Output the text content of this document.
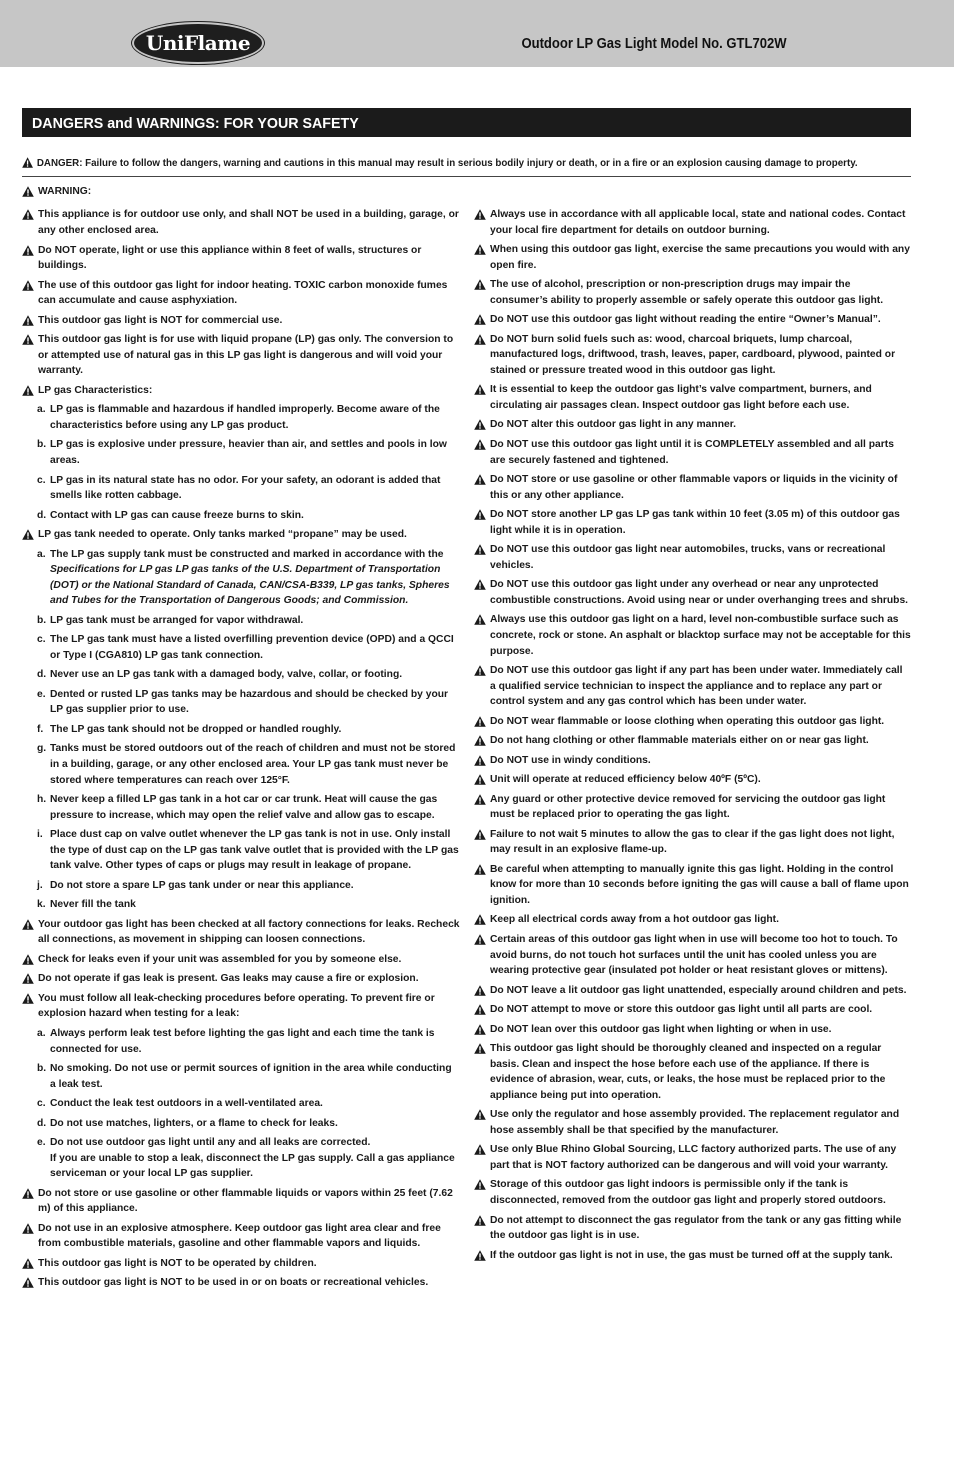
UniFlame	Outdoor LP Gas Light Model No. GTL702W
DANGERS and WARNINGS: FOR YOUR SAFETY
DANGER: Failure to follow the dangers, warning and cautions in this manual may result in serious bodily injury or death, or in a fire or an explosion causing damage to property.
WARNING:
This appliance is for outdoor use only, and shall NOT be used in a building, garage, or any other enclosed area.
Do NOT operate, light or use this appliance within 8 feet of walls, structures or buildings.
The use of this outdoor gas light for indoor heating. TOXIC carbon monoxide fumes can accumulate and cause asphyxiation.
This outdoor gas light is NOT for commercial use.
This outdoor gas light is for use with liquid propane (LP) gas only. The conversion to or attempted use of natural gas in this LP gas light is dangerous and will void your warranty.
LP gas Characteristics:
a. LP gas is flammable and hazardous if handled improperly. Become aware of the characteristics before using any LP gas product.
b. LP gas is explosive under pressure, heavier than air, and settles and pools in low areas.
c. LP gas in its natural state has no odor. For your safety, an odorant is added that smells like rotten cabbage.
d. Contact with LP gas can cause freeze burns to skin.
LP gas tank needed to operate. Only tanks marked “propane” may be used.
a. The LP gas supply tank must be constructed and marked in accordance with the Specifications for LP gas LP gas tanks of the U.S. Department of Transportation (DOT) or the National Standard of Canada, CAN/CSA-B339, LP gas tanks, Spheres and Tubes for the Transportation of Dangerous Goods; and Commission.
b. LP gas tank must be arranged for vapor withdrawal.
c. The LP gas tank must have a listed overfilling prevention device (OPD) and a QCCI or Type I (CGA810) LP gas tank connection.
d. Never use an LP gas tank with a damaged body, valve, collar, or footing.
e. Dented or rusted LP gas tanks may be hazardous and should be checked by your LP gas supplier prior to use.
f. The LP gas tank should not be dropped or handled roughly.
g. Tanks must be stored outdoors out of the reach of children and must not be stored in a building, garage, or any other enclosed area. Your LP gas tank must never be stored where temperatures can reach over 125°F.
h. Never keep a filled LP gas tank in a hot car or car trunk. Heat will cause the gas pressure to increase, which may open the relief valve and allow gas to escape.
i. Place dust cap on valve outlet whenever the LP gas tank is not in use. Only install the type of dust cap on the LP gas tank valve outlet that is provided with the LP gas tank valve. Other types of caps or plugs may result in leakage of propane.
j. Do not store a spare LP gas tank under or near this appliance.
k. Never fill the tank
Your outdoor gas light has been checked at all factory connections for leaks. Recheck all connections, as movement in shipping can loosen connections.
Check for leaks even if your unit was assembled for you by someone else.
Do not operate if gas leak is present. Gas leaks may cause a fire or explosion.
You must follow all leak-checking procedures before operating. To prevent fire or explosion hazard when testing for a leak:
a. Always perform leak test before lighting the gas light and each time the tank is connected for use.
b. No smoking. Do not use or permit sources of ignition in the area while conducting a leak test.
c. Conduct the leak test outdoors in a well-ventilated area.
d. Do not use matches, lighters, or a flame to check for leaks.
e. Do not use outdoor gas light until any and all leaks are corrected.
If you are unable to stop a leak, disconnect the LP gas supply. Call a gas appliance serviceman or your local LP gas supplier.
Do not store or use gasoline or other flammable liquids or vapors within 25 feet (7.62 m) of this appliance.
Do not use in an explosive atmosphere. Keep outdoor gas light area clear and free from combustible materials, gasoline and other flammable vapors and liquids.
This outdoor gas light is NOT to be operated by children.
This outdoor gas light is NOT to be used in or on boats or recreational vehicles.
Always use in accordance with all applicable local, state and national codes. Contact your local fire department for details on outdoor burning.
When using this outdoor gas light, exercise the same precautions you would with any open fire.
The use of alcohol, prescription or non-prescription drugs may impair the consumer’s ability to properly assemble or safely operate this outdoor gas light.
Do NOT use this outdoor gas light without reading the entire “Owner’s Manual”.
Do NOT burn solid fuels such as: wood, charcoal briquets, lump charcoal, manufactured logs, driftwood, trash, leaves, paper, cardboard, plywood, painted or stained or pressure treated wood in this outdoor gas light.
It is essential to keep the outdoor gas light’s valve compartment, burners, and circulating air passages clean. Inspect outdoor gas light before each use.
Do NOT alter this outdoor gas light in any manner.
Do NOT use this outdoor gas light until it is COMPLETELY assembled and all parts are securely fastened and tightened.
Do NOT store or use gasoline or other flammable vapors or liquids in the vicinity of this or any other appliance.
Do NOT store another LP gas LP gas tank within 10 feet (3.05 m) of this outdoor gas light while it is in operation.
Do NOT use this outdoor gas light near automobiles, trucks, vans or recreational vehicles.
Do NOT use this outdoor gas light under any overhead or near any unprotected combustible constructions. Avoid using near or under overhanging trees and shrubs.
Always use this outdoor gas light on a hard, level non-combustible surface such as concrete, rock or stone. An asphalt or blacktop surface may not be acceptable for this purpose.
Do NOT use this outdoor gas light if any part has been under water. Immediately call a qualified service technician to inspect the appliance and to replace any part or control system and any gas control which has been under water.
Do NOT wear flammable or loose clothing when operating this outdoor gas light.
Do not hang clothing or other flammable materials either on or near gas light.
Do NOT use in windy conditions.
Unit will operate at reduced efficiency below 40ºF (5ºC).
Any guard or other protective device removed for servicing the outdoor gas light must be replaced prior to operating the gas light.
Failure to not wait 5 minutes to allow the gas to clear if the gas light does not light, may result in an explosive flame-up.
Be careful when attempting to manually ignite this gas light. Holding in the control know for more than 10 seconds before igniting the gas will cause a ball of flame upon ignition.
Keep all electrical cords away from a hot outdoor gas light.
Certain areas of this outdoor gas light when in use will become too hot to touch. To avoid burns, do not touch hot surfaces until the unit has cooled unless you are wearing protective gear (insulated pot holder or heat resistant gloves or mittens).
Do NOT leave a lit outdoor gas light unattended, especially around children and pets.
Do NOT attempt to move or store this outdoor gas light until all parts are cool.
Do NOT lean over this outdoor gas light when lighting or when in use.
This outdoor gas light should be thoroughly cleaned and inspected on a regular basis. Clean and inspect the hose before each use of the appliance. If there is evidence of abrasion, wear, cuts, or leaks, the hose must be replaced prior to the appliance being put into operation.
Use only the regulator and hose assembly provided. The replacement regulator and hose assembly shall be that specified by the manufacturer.
Use only Blue Rhino Global Sourcing, LLC factory authorized parts. The use of any part that is NOT factory authorized can be dangerous and will void your warranty.
Storage of this outdoor gas light indoors is permissible only if the tank is disconnected, removed from the outdoor gas light and properly stored outdoors.
Do not attempt to disconnect the gas regulator from the tank or any gas fitting while the outdoor gas light is in use.
If the outdoor gas light is not in use, the gas must be turned off at the supply tank.
